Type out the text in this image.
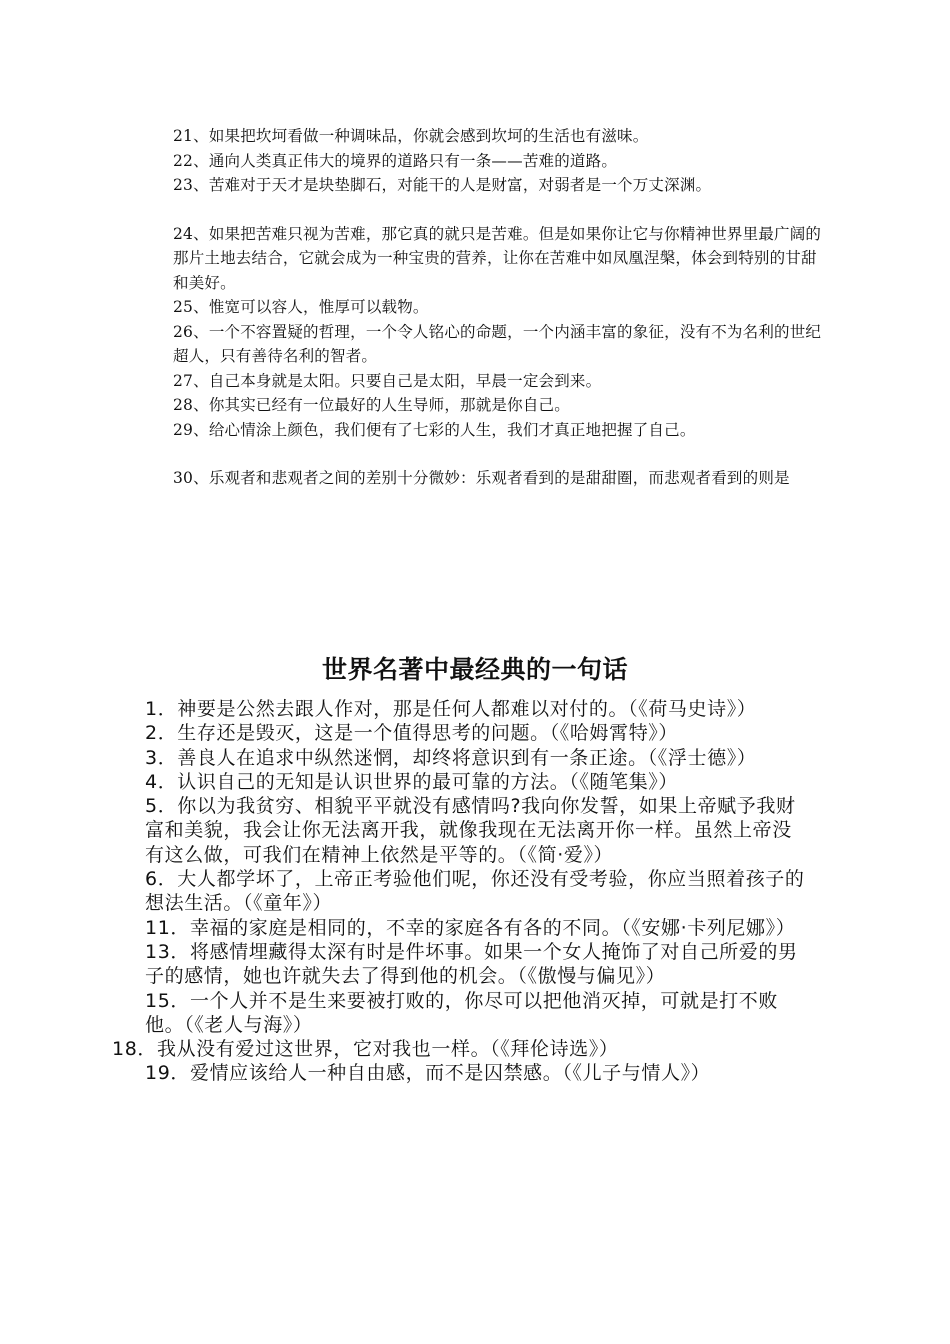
21、如果把坎坷看做一种调味品，你就会感到坎坷的生活也有滋味。

22、通向人类真正伟大的境界的道路只有一条——苦难的道路。

23、苦难对于天才是块垫脚石，对能干的人是财富，对弱者是一个万丈深渊。

24、如果把苦难只视为苦难，那它真的就只是苦难。但是如果你让它与你精神世界里最广阔的那片土地去结合，它就会成为一种宝贵的营养，让你在苦难中如凤凰涅槃，体会到特别的甘甜和美好。

25、惟宽可以容人，惟厚可以载物。

26、一个不容置疑的哲理，一个令人铭心的命题，一个内涵丰富的象征，没有不为名利的世纪超人，只有善待名利的智者。

27、自己本身就是太阳。只要自己是太阳，早晨一定会到来。

28、你其实已经有一位最好的人生导师，那就是你自己。

29、给心情涂上颜色，我们便有了七彩的人生，我们才真正地把握了自己。

30、乐观者和悲观者之间的差别十分微妙：乐观者看到的是甜甜圈，而悲观者看到的则是

世界名著中最经典的一句话

1．神要是公然去跟人作对，那是任何人都难以对付的。（《荷马史诗》）

2．生存还是毁灭，这是一个值得思考的问题。（《哈姆霄特》）

3．善良人在追求中纵然迷惘，却终将意识到有一条正途。（《浮士德》）

4．认识自己的无知是认识世界的最可靠的方法。（《随笔集》）

5．你以为我贫穷、相貌平平就没有感情吗?我向你发誓，如果上帝赋予我财富和美貌，我会让你无法离开我，就像我现在无法离开你一样。虽然上帝没有这么做，可我们在精神上依然是平等的。（《简·爱》）

6．大人都学坏了，上帝正考验他们呢，你还没有受考验，你应当照着孩子的想法生活。（《童年》）

11．幸福的家庭是相同的，不幸的家庭各有各的不同。（《安娜·卡列尼娜》）

13．将感情埋藏得太深有时是件坏事。如果一个女人掩饰了对自己所爱的男子的感情，她也许就失去了得到他的机会。（《傲慢与偏见》）

15．一个人并不是生来要被打败的，你尽可以把他消灭掉，可就是打不败他。（《老人与海》）

18．我从没有爱过这世界，它对我也一样。（《拜伦诗选》）

19．爱情应该给人一种自由感，而不是囚禁感。（《儿子与情人》）
